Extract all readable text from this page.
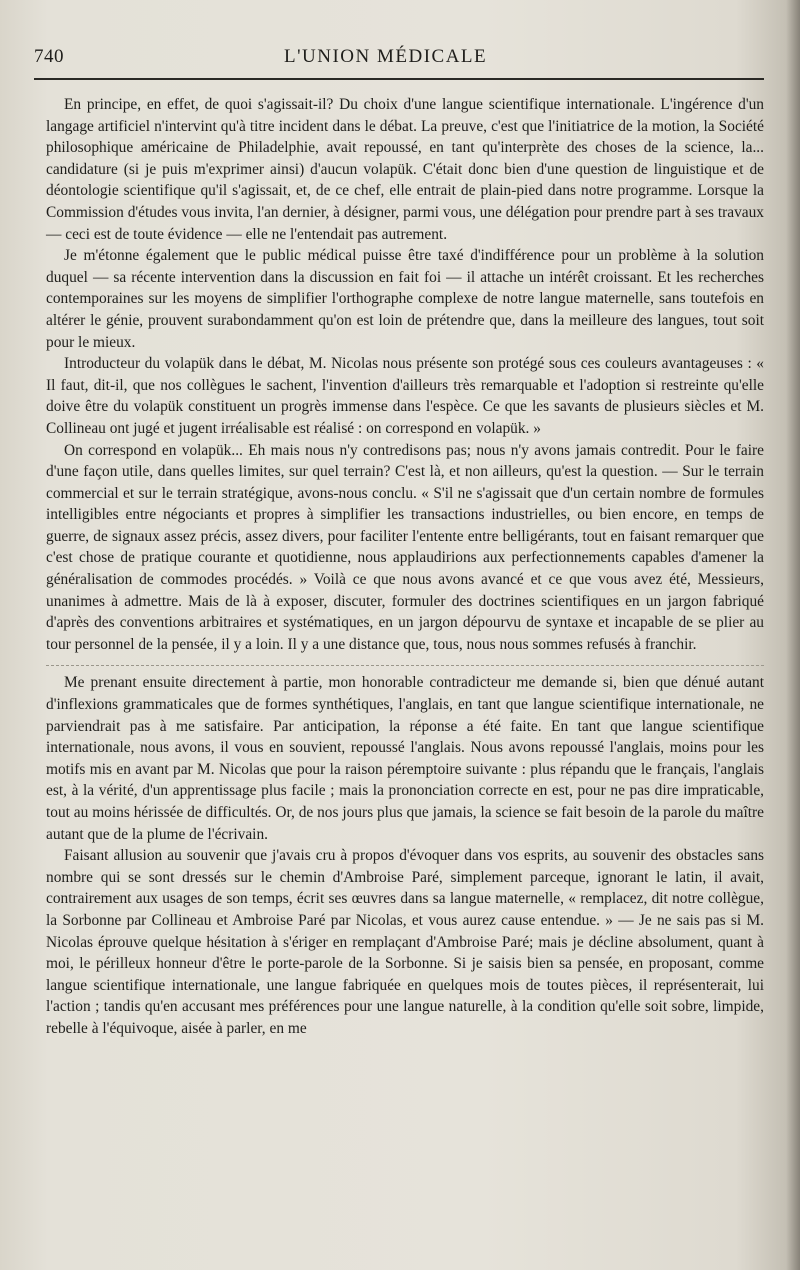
740	L'UNION MÉDICALE

En principe, en effet, de quoi s'agissait-il? Du choix d'une langue scientifique internationale. L'ingérence d'un langage artificiel n'intervint qu'à titre incident dans le débat. La preuve, c'est que l'initiatrice de la motion, la Société philosophique américaine de Philadelphie, avait repoussé, en tant qu'interprète des choses de la science, la... candidature (si je puis m'exprimer ainsi) d'aucun volapük. C'était donc bien d'une question de linguistique et de déontologie scientifique qu'il s'agissait, et, de ce chef, elle entrait de plain-pied dans notre programme. Lorsque la Commission d'études vous invita, l'an dernier, à désigner, parmi vous, une délégation pour prendre part à ses travaux — ceci est de toute évidence — elle ne l'entendait pas autrement.

Je m'étonne également que le public médical puisse être taxé d'indifférence pour un problème à la solution duquel — sa récente intervention dans la discussion en fait foi — il attache un intérêt croissant. Et les recherches contemporaines sur les moyens de simplifier l'orthographe complexe de notre langue maternelle, sans toutefois en altérer le génie, prouvent surabondamment qu'on est loin de prétendre que, dans la meilleure des langues, tout soit pour le mieux.

Introducteur du volapük dans le débat, M. Nicolas nous présente son protégé sous ces couleurs avantageuses : « Il faut, dit-il, que nos collègues le sachent, l'invention d'ailleurs très remarquable et l'adoption si restreinte qu'elle doive être du volapük constituent un progrès immense dans l'espèce. Ce que les savants de plusieurs siècles et M. Collineau ont jugé et jugent irréalisable est réalisé : on correspond en volapük. »

On correspond en volapük... Eh mais nous n'y contredisons pas; nous n'y avons jamais contredit. Pour le faire d'une façon utile, dans quelles limites, sur quel terrain? C'est là, et non ailleurs, qu'est la question. — Sur le terrain commercial et sur le terrain stratégique, avons-nous conclu. « S'il ne s'agissait que d'un certain nombre de formules intelligibles entre négociants et propres à simplifier les transactions industrielles, ou bien encore, en temps de guerre, de signaux assez précis, assez divers, pour faciliter l'entente entre belligérants, tout en faisant remarquer que c'est chose de pratique courante et quotidienne, nous applaudirions aux perfectionnements capables d'amener la généralisation de commodes procédés. » Voilà ce que nous avons avancé et ce que vous avez été, Messieurs, unanimes à admettre. Mais de là à exposer, discuter, formuler des doctrines scientifiques en un jargon fabriqué d'après des conventions arbitraires et systématiques, en un jargon dépourvu de syntaxe et incapable de se plier au tour personnel de la pensée, il y a loin. Il y a une distance que, tous, nous nous sommes refusés à franchir.

Me prenant ensuite directement à partie, mon honorable contradicteur me demande si, bien que dénué autant d'inflexions grammaticales que de formes synthétiques, l'anglais, en tant que langue scientifique internationale, ne parviendrait pas à me satisfaire. Par anticipation, la réponse a été faite. En tant que langue scientifique internationale, nous avons, il vous en souvient, repoussé l'anglais. Nous avons repoussé l'anglais, moins pour les motifs mis en avant par M. Nicolas que pour la raison péremptoire suivante : plus répandu que le français, l'anglais est, à la vérité, d'un apprentissage plus facile ; mais la prononciation correcte en est, pour ne pas dire impraticable, tout au moins hérissée de difficultés. Or, de nos jours plus que jamais, la science se fait besoin de la parole du maître autant que de la plume de l'écrivain.

Faisant allusion au souvenir que j'avais cru à propos d'évoquer dans vos esprits, au souvenir des obstacles sans nombre qui se sont dressés sur le chemin d'Ambroise Paré, simplement parceque, ignorant le latin, il avait, contrairement aux usages de son temps, écrit ses œuvres dans sa langue maternelle, « remplacez, dit notre collègue, la Sorbonne par Collineau et Ambroise Paré par Nicolas, et vous aurez cause entendue. » — Je ne sais pas si M. Nicolas éprouve quelque hésitation à s'ériger en remplaçant d'Ambroise Paré; mais je décline absolument, quant à moi, le périlleux honneur d'être le porte-parole de la Sorbonne. Si je saisis bien sa pensée, en proposant, comme langue scientifique internationale, une langue fabriquée en quelques mois de toutes pièces, il représenterait, lui l'action ; tandis qu'en accusant mes préférences pour une langue naturelle, à la condition qu'elle soit sobre, limpide, rebelle à l'équivoque, aisée à parler, en me
